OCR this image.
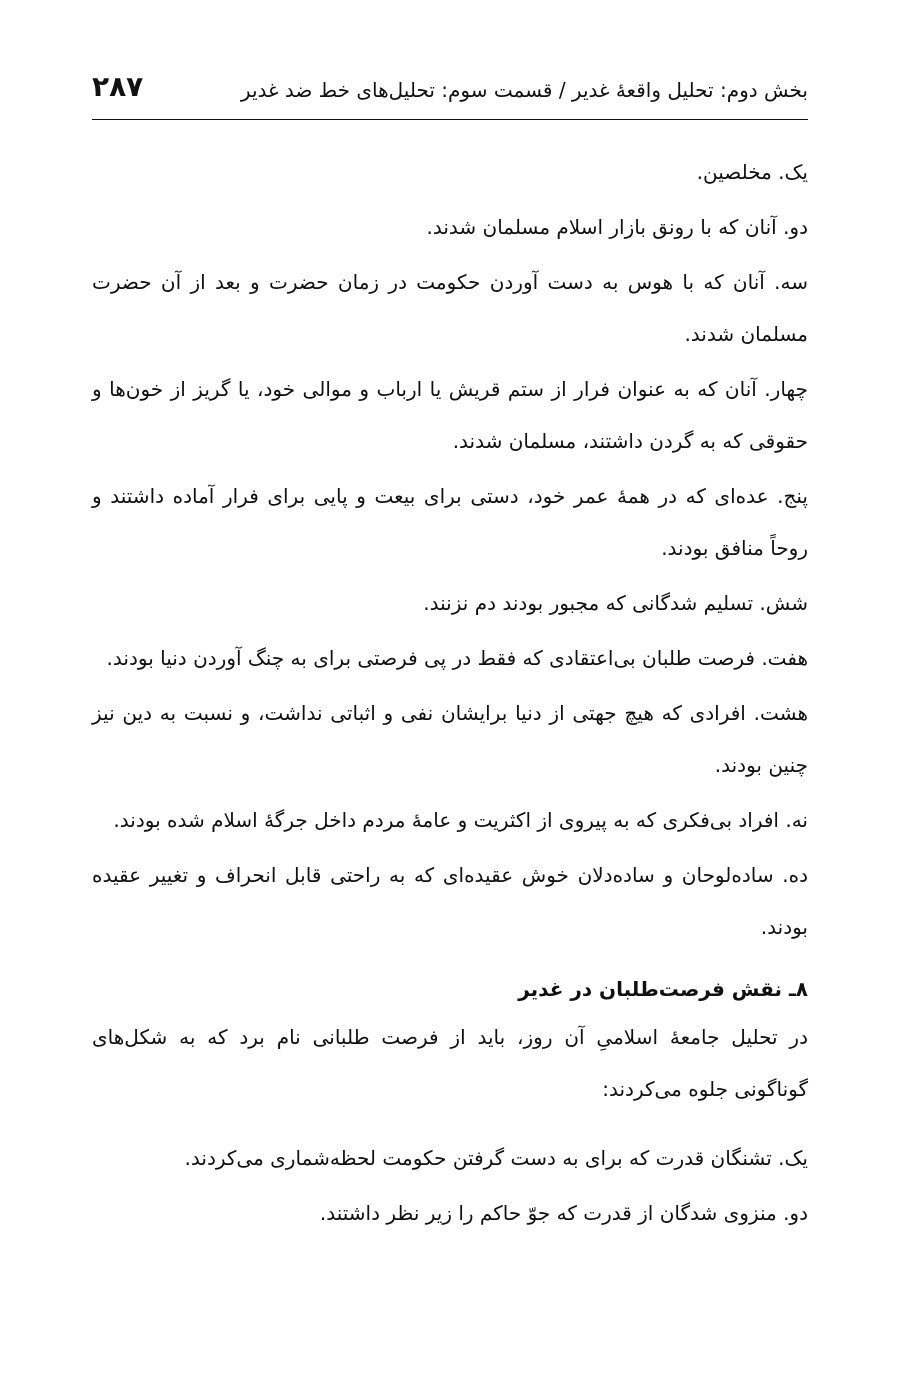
بخش دوم: تحلیل واقعهٔ غدیر / قسمت سوم: تحلیل‌های خط ضد غدیر
۲۸۷

یک. مخلصین.

دو. آنان که با رونق بازار اسلام مسلمان شدند.

سه. آنان که با هوس به دست آوردن حکومت در زمان حضرت و بعد از آن حضرت مسلمان شدند.

چهار. آنان که به عنوان فرار از ستم قریش یا ارباب و موالی خود، یا گریز از خون‌ها و حقوقی که به گردن داشتند، مسلمان شدند.

پنج. عده‌ای که در همهٔ عمر خود، دستی برای بیعت و پایی برای فرار آماده داشتند و روحاً منافق بودند.

شش. تسلیم شدگانی که مجبور بودند دم نزنند.

هفت. فرصت طلبان بی‌اعتقادی که فقط در پی فرصتی برای به چنگ آوردن دنیا بودند.

هشت. افرادی که هیچ جهتی از دنیا برایشان نفی و اثباتی نداشت، و نسبت به دین نیز چنین بودند.

نه. افراد بی‌فکری که به پیروی از اکثریت و عامهٔ مردم داخل جرگهٔ اسلام شده بودند.

ده. ساده‌لوحان و ساده‌دلان خوش عقیده‌ای که به راحتی قابل انحراف و تغییر عقیده بودند.

۸ـ نقش فرصت‌طلبان در غدیر

در تحلیل جامعهٔ اسلامیِ آن روز، باید از فرصت طلبانی نام برد که به شکل‌های گوناگونی جلوه می‌کردند:

یک. تشنگان قدرت که برای به دست گرفتن حکومت لحظه‌شماری می‌کردند.

دو. منزوی شدگان از قدرت که جوّ حاکم را زیر نظر داشتند.
